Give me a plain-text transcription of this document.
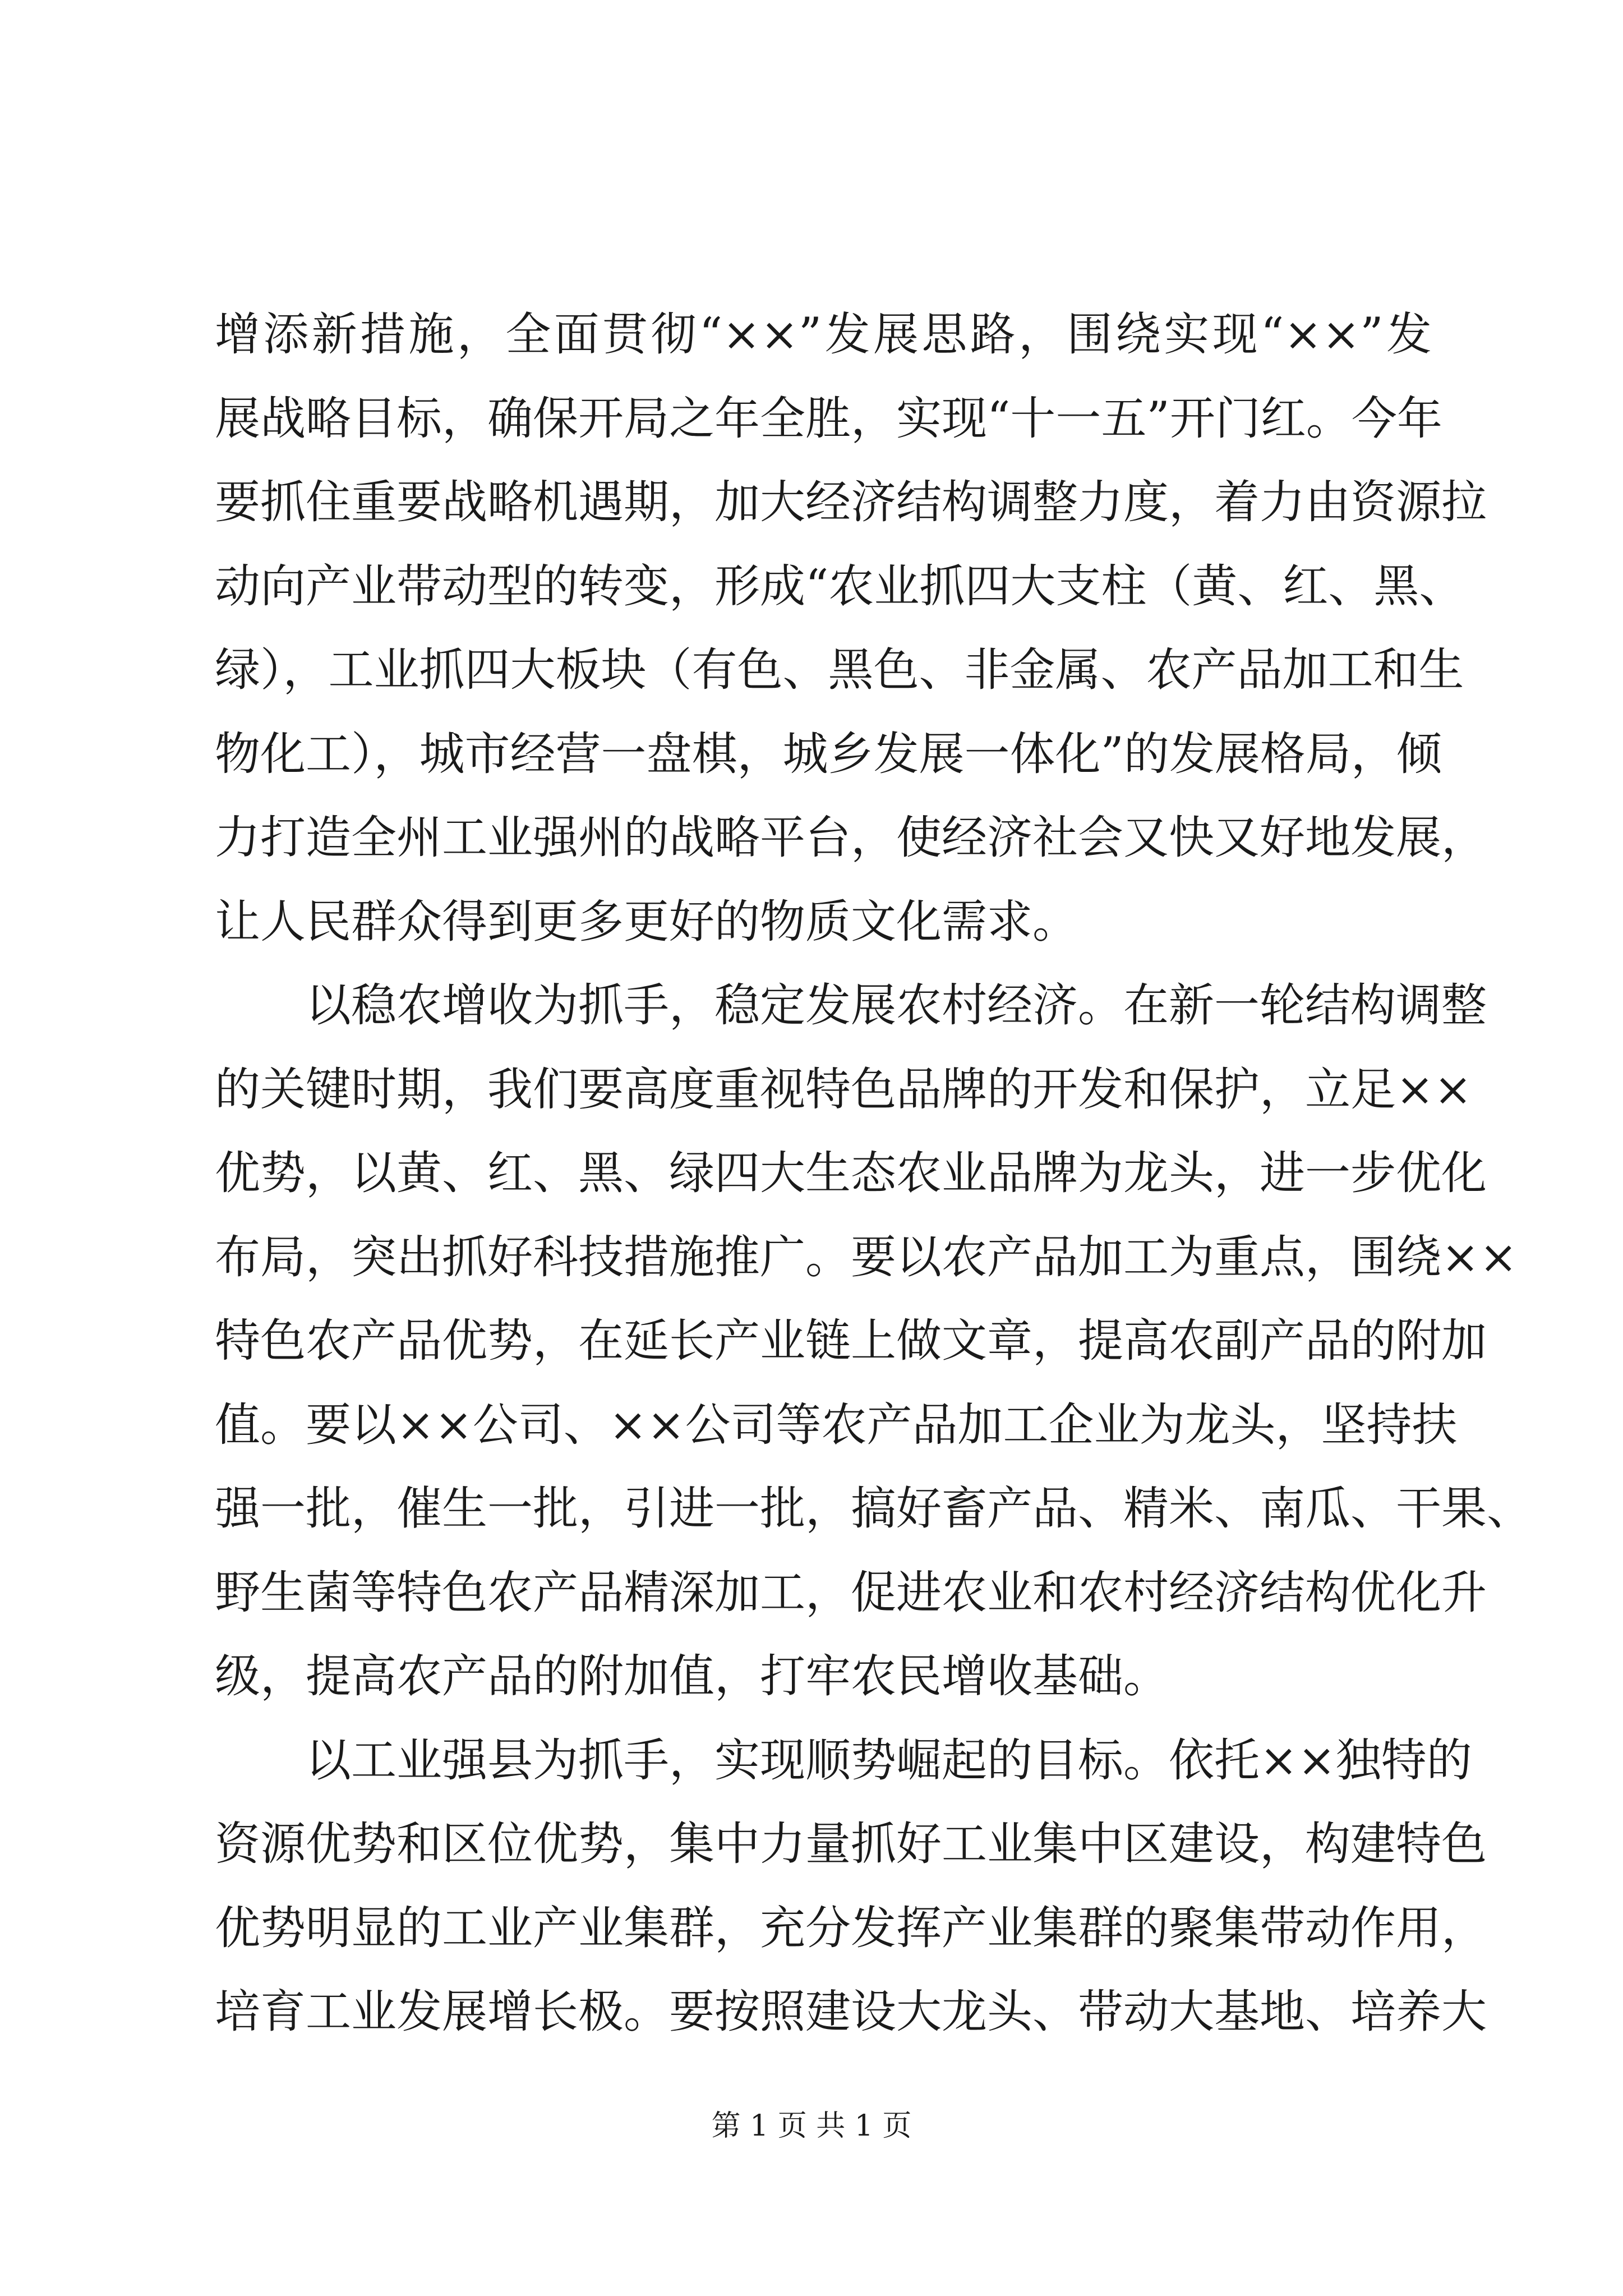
增添新措施，全面贯彻“××”发展思路，围绕实现“××”发

展战略目标，确保开局之年全胜，实现“十一五”开门红。今年

要抓住重要战略机遇期，加大经济结构调整力度，着力由资源拉

动向产业带动型的转变，形成“农业抓四大支柱（黄、红、黑、

绿），工业抓四大板块（有色、黑色、非金属、农产品加工和生

物化工），城市经营一盘棋，城乡发展一体化”的发展格局，倾

力打造全州工业强州的战略平台，使经济社会又快又好地发展，

让人民群众得到更多更好的物质文化需求。

以稳农增收为抓手，稳定发展农村经济。在新一轮结构调整

的关键时期，我们要高度重视特色品牌的开发和保护，立足××

优势，以黄、红、黑、绿四大生态农业品牌为龙头，进一步优化

布局，突出抓好科技措施推广。要以农产品加工为重点，围绕××

特色农产品优势，在延长产业链上做文章，提高农副产品的附加

值。要以××公司、××公司等农产品加工企业为龙头，坚持扶

强一批，催生一批，引进一批，搞好畜产品、精米、南瓜、干果、

野生菌等特色农产品精深加工，促进农业和农村经济结构优化升

级，提高农产品的附加值，打牢农民增收基础。

以工业强县为抓手，实现顺势崛起的目标。依托××独特的

资源优势和区位优势，集中力量抓好工业集中区建设，构建特色

优势明显的工业产业集群，充分发挥产业集群的聚集带动作用，

培育工业发展增长极。要按照建设大龙头、带动大基地、培养大

第 1 页 共 1 页
